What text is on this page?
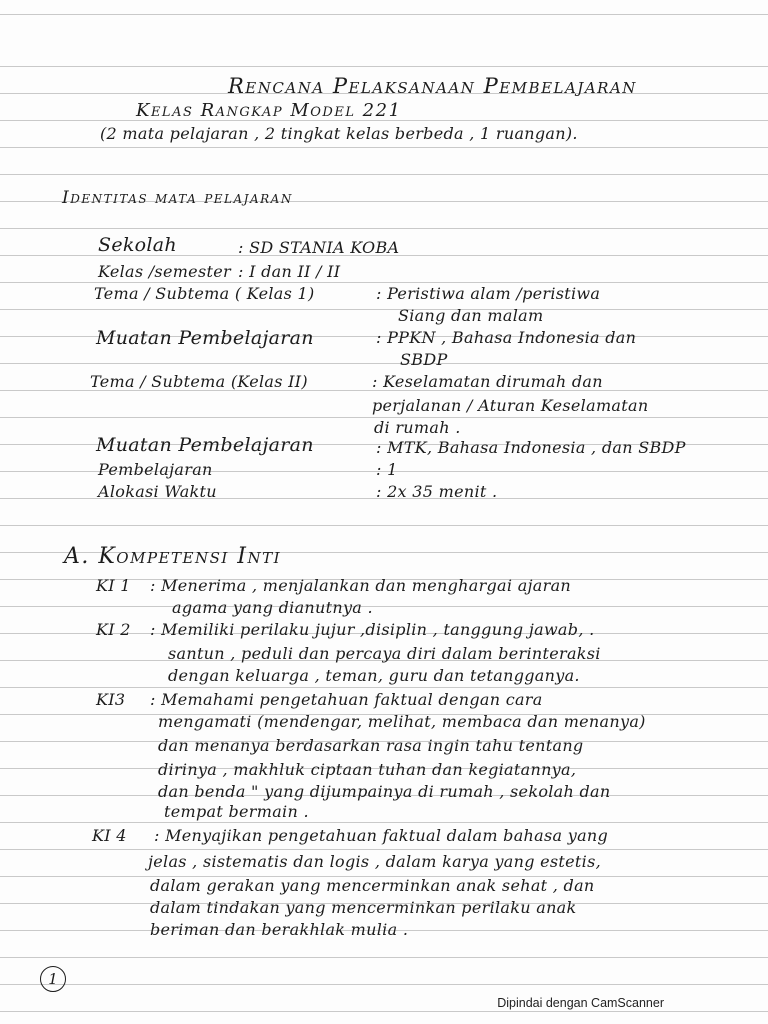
Rencana Pelaksanaan Pembelajaran
Kelas Rangkap Model 221
(2 mata pelajaran , 2 tingkat kelas berbeda , 1 ruangan).
Identitas mata pelajaran
Sekolah	: SD STANIA KOBA
Kelas /semester : I dan II / II
Tema / Subtema ( Kelas 1)	: Peristiwa alam /peristiwa
Siang dan malam
Muatan Pembelajaran	: PPKN , Bahasa Indonesia dan
SBDP
Tema / Subtema (Kelas II)	: Keselamatan dirumah dan
perjalanan / Aturan Keselamatan
di rumah .
Muatan Pembelajaran	: MTK, Bahasa Indonesia , dan SBDP
Pembelajaran	: 1
Alokasi Waktu	: 2x 35 menit .
A. Kompetensi Inti
KI 1 : Menerima , menjalankan dan menghargai ajaran
agama yang dianutnya .
KI 2 : Memiliki perilaku jujur ,disiplin , tanggung jawab, .
santun , peduli dan percaya diri dalam berinteraksi
dengan keluarga , teman, guru dan tetangganya.
KI3 : Memahami pengetahuan faktual dengan cara
mengamati (mendengar, melihat, membaca dan menanya)
dan menanya berdasarkan rasa ingin tahu tentang
dirinya , makhluk ciptaan tuhan dan kegiatannya,
dan benda " yang dijumpainya di rumah , sekolah dan
tempat bermain .
KI 4 : Menyajikan pengetahuan faktual dalam bahasa yang
jelas , sistematis dan logis , dalam karya yang estetis,
dalam gerakan yang mencerminkan anak sehat , dan
dalam tindakan yang mencerminkan perilaku anak
beriman dan berakhlak mulia .
1
Dipindai dengan CamScanner
